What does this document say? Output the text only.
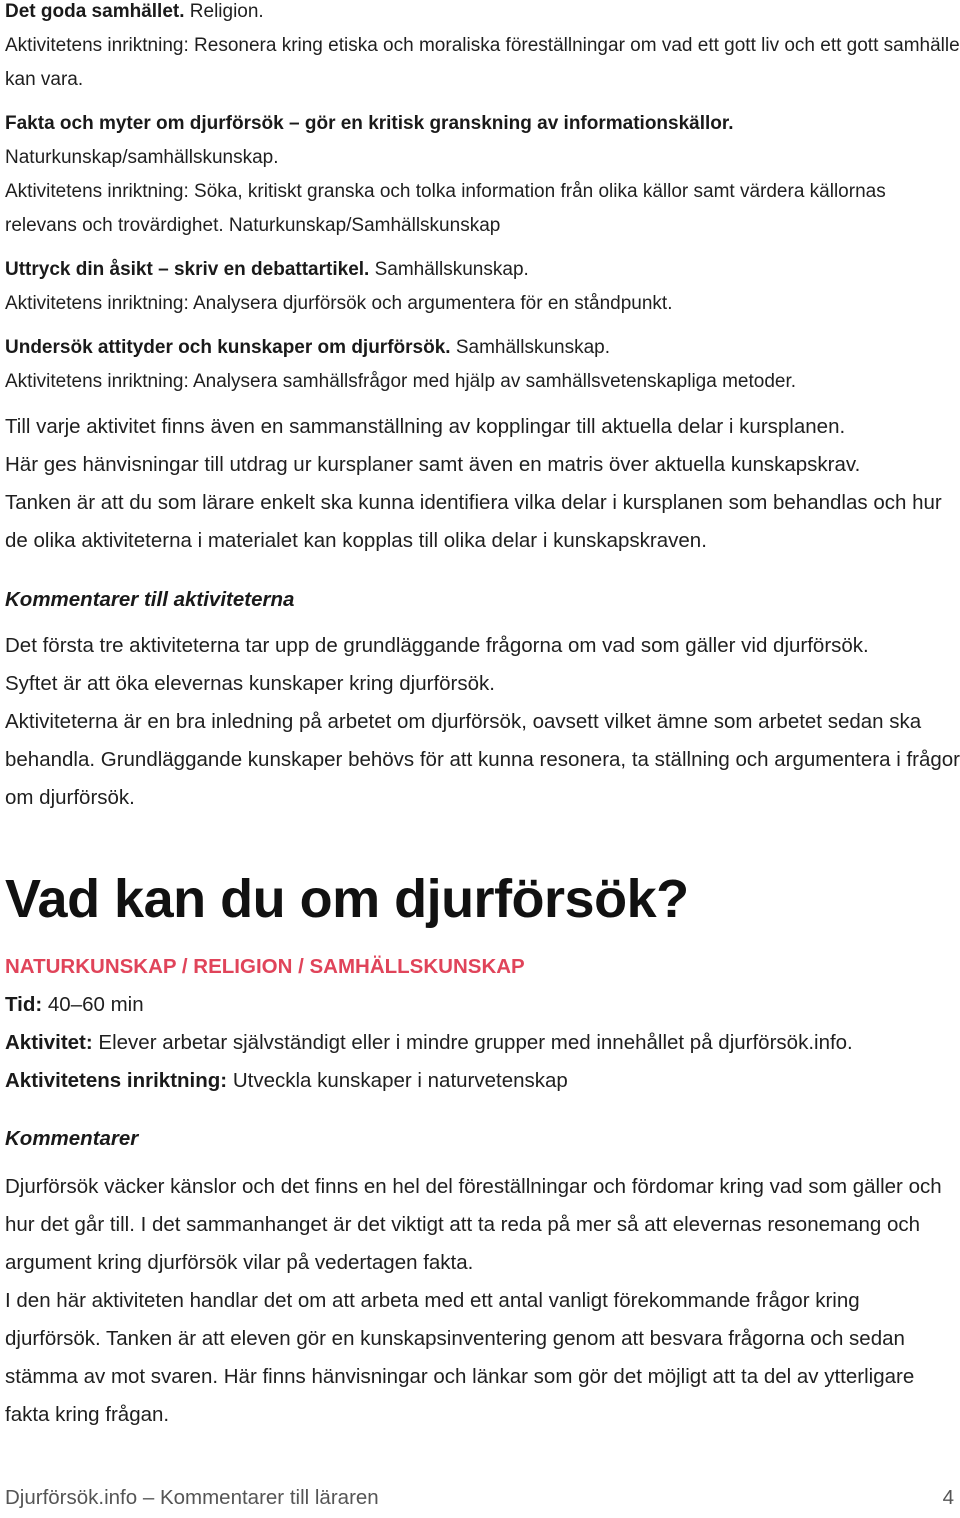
Det goda samhället. Religion.

Aktivitetens inriktning: Resonera kring etiska och moraliska föreställningar om vad ett gott liv och ett gott samhälle kan vara.

Fakta och myter om djurförsök – gör en kritisk granskning av informationskällor. Naturkunskap/samhällskunskap.

Aktivitetens inriktning: Söka, kritiskt granska och tolka information från olika källor samt värdera källornas relevans och trovärdighet. Naturkunskap/Samhällskunskap

Uttryck din åsikt – skriv en debattartikel. Samhällskunskap.

Aktivitetens inriktning: Analysera djurförsök och argumentera för en ståndpunkt.

Undersök attityder och kunskaper om djurförsök. Samhällskunskap.

Aktivitetens inriktning: Analysera samhällsfrågor med hjälp av samhällsvetenskapliga metoder.

Till varje aktivitet finns även en sammanställning av kopplingar till aktuella delar i kursplanen.

Här ges hänvisningar till utdrag ur kursplaner samt även en matris över aktuella kunskapskrav.

Tanken är att du som lärare enkelt ska kunna identifiera vilka delar i kursplanen som behandlas och hur de olika aktiviteterna i materialet kan kopplas till olika delar i kunskapskraven.

Kommentarer till aktiviteterna

Det första tre aktiviteterna tar upp de grundläggande frågorna om vad som gäller vid djurförsök.

Syftet är att öka elevernas kunskaper kring djurförsök.

Aktiviteterna är en bra inledning på arbetet om djurförsök, oavsett vilket ämne som arbetet sedan ska behandla. Grundläggande kunskaper behövs för att kunna resonera, ta ställning och argumentera i frågor om djurförsök.

Vad kan du om djurförsök?

NATURKUNSKAP / RELIGION / SAMHÄLLSKUNSKAP

Tid: 40–60 min

Aktivitet: Elever arbetar självständigt eller i mindre grupper med innehållet på djurförsök.info.

Aktivitetens inriktning: Utveckla kunskaper i naturvetenskap

Kommentarer

Djurförsök väcker känslor och det finns en hel del föreställningar och fördomar kring vad som gäller och hur det går till. I det sammanhanget är det viktigt att ta reda på mer så att elevernas resonemang och argument kring djurförsök vilar på vedertagen fakta.

I den här aktiviteten handlar det om att arbeta med ett antal vanligt förekommande frågor kring djurförsök. Tanken är att eleven gör en kunskapsinventering genom att besvara frågorna och sedan stämma av mot svaren. Här finns hänvisningar och länkar som gör det möjligt att ta del av ytterligare fakta kring frågan.

Djurförsök.info – Kommentarer till läraren	4
